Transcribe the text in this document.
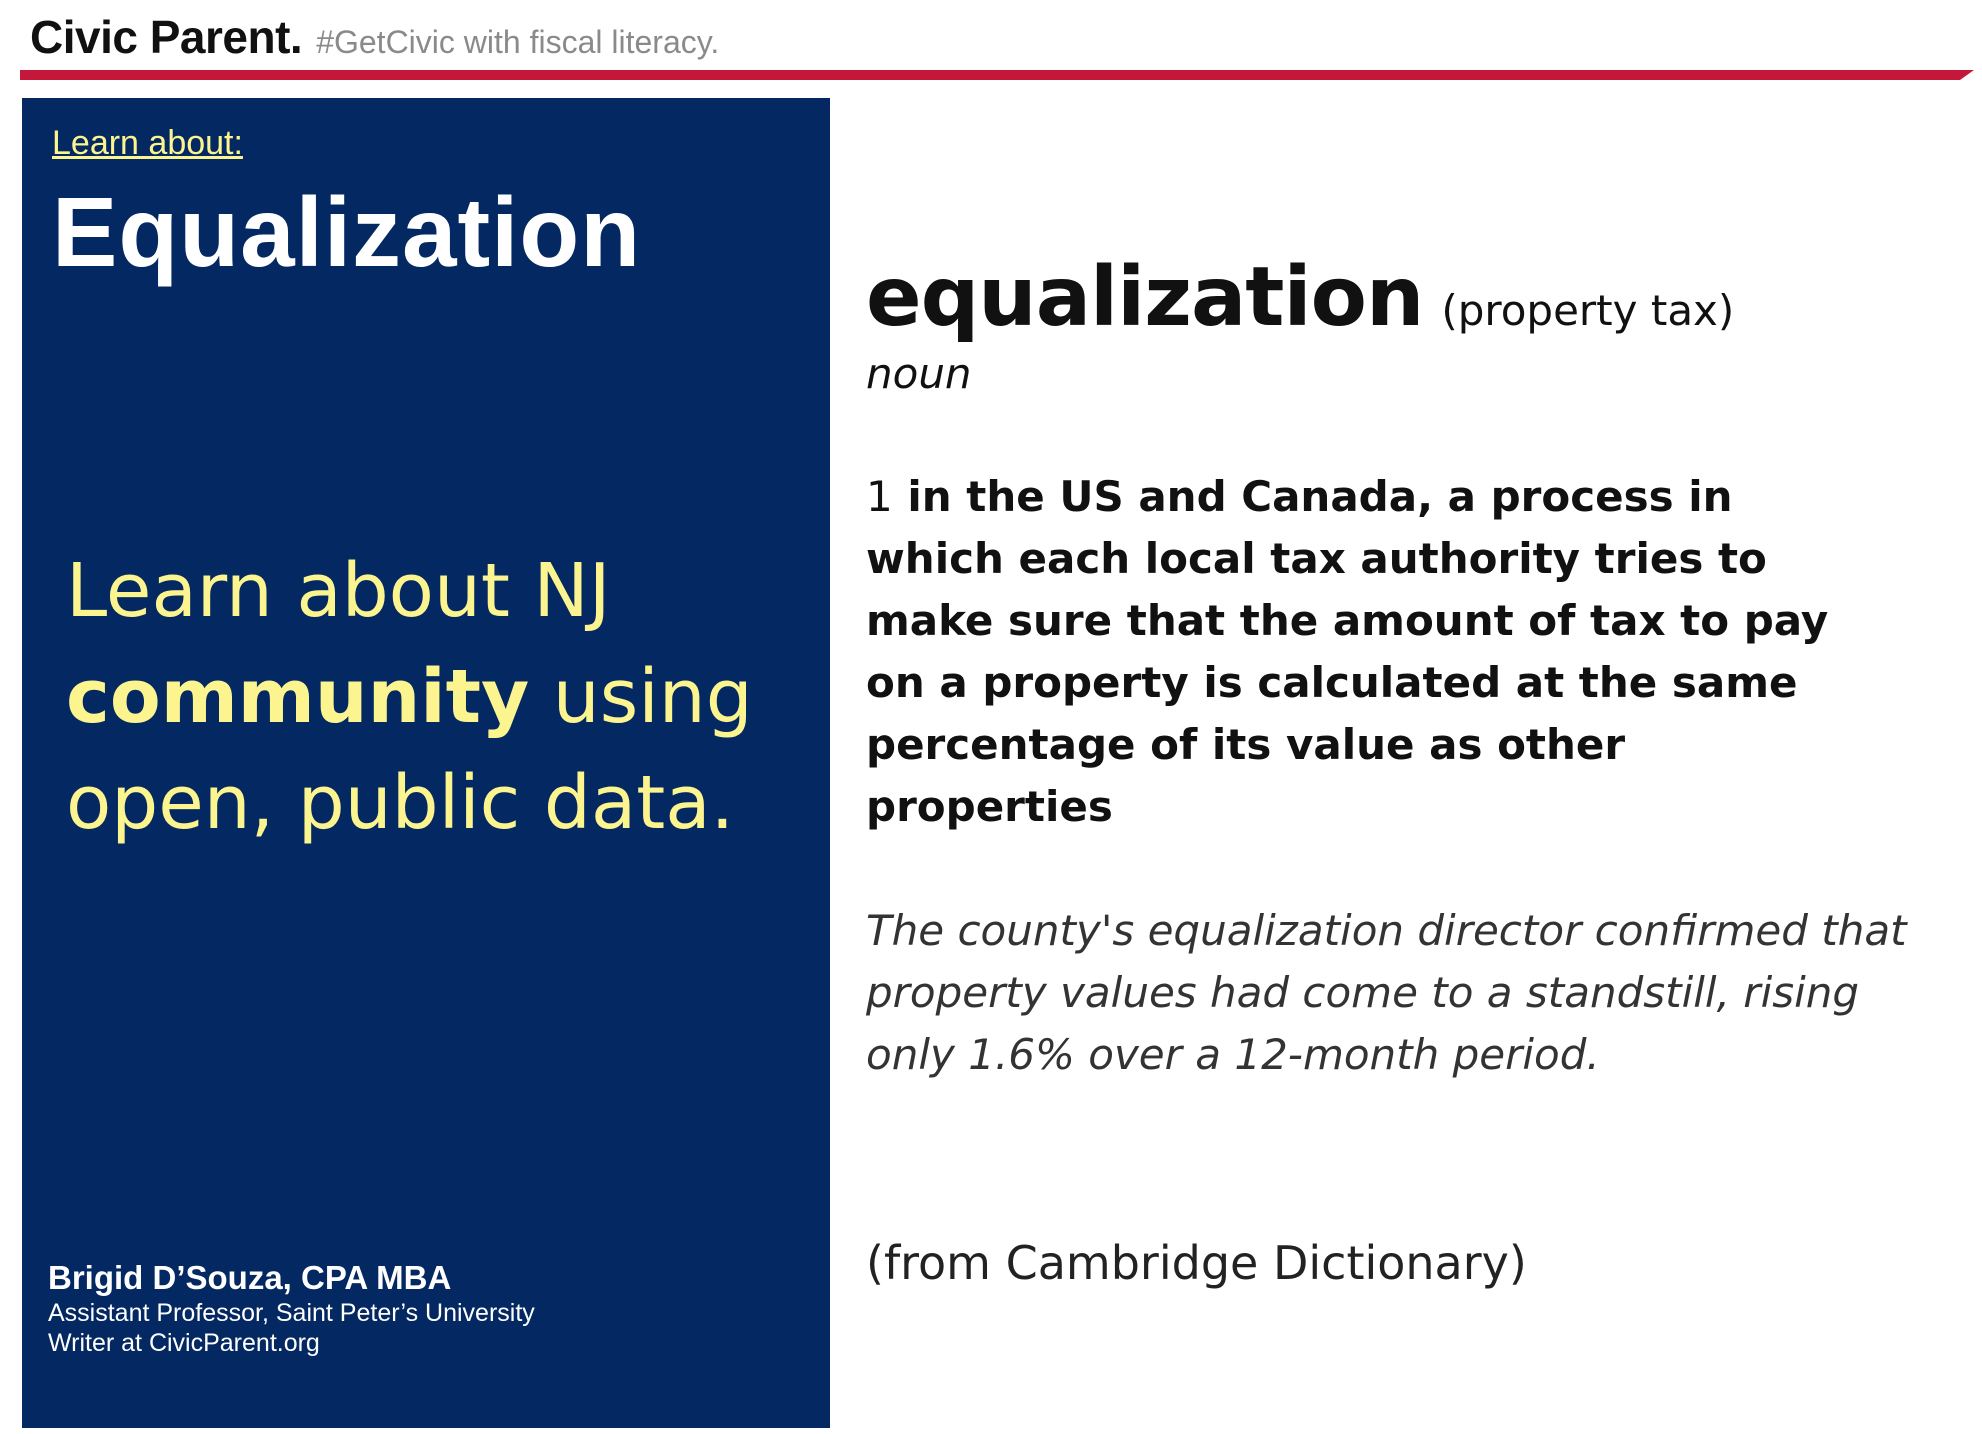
Civic Parent. #GetCivic with fiscal literacy.
Learn about:
Equalization
Learn about NJ
community using
open, public data.
Brigid D’Souza, CPA MBA
Assistant Professor, Saint Peter’s University
Writer at CivicParent.org
equalization (property tax)
noun
1 in the US and Canada, a process in which each local tax authority tries to make sure that the amount of tax to pay on a property is calculated at the same percentage of its value as other properties
The county's equalization director confirmed that property values had come to a standstill, rising only 1.6% over a 12-month period.
(from Cambridge Dictionary)
